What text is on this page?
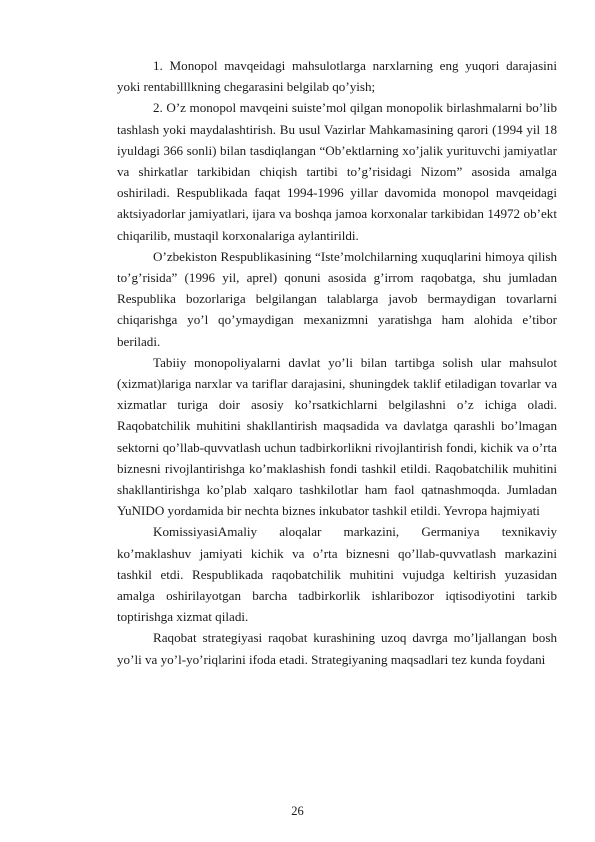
1. Monopol mavqeidagi mahsulotlarga narxlarning eng yuqori darajasini yoki rentabilllkning chegarasini belgilab qo’yish;

2. O’z monopol mavqeini suiste’mol qilgan monopolik birlashmalarni bo’lib tashlash yoki maydalashtirish. Bu usul Vazirlar Mahkamasining qarori (1994 yil 18 iyuldagi 366 sonli) bilan tasdiqlangan “Ob’ektlarning xo’jalik yurituvchi jamiyatlar va shirkatlar tarkibidan chiqish tartibi to’g’risidagi Nizom” asosida amalga oshiriladi. Respublikada faqat 1994-1996 yillar davomida monopol mavqeidagi aktsiyadorlar jamiyatlari, ijara va boshqa jamoa korxonalar tarkibidan 14972 ob’ekt chiqarilib, mustaqil korxonalariga aylantirildi.

O’zbekiston Respublikasining “Iste’molchilarning xuquqlarini himoya qilish to’g’risida” (1996 yil, aprel) qonuni asosida g’irrom raqobatga, shu jumladan Respublika bozorlariga belgilangan talablarga javob bermaydigan tovarlarni chiqarishga yo’l qo’ymaydigan mexanizmni yaratishga ham alohida e’tibor beriladi.

Tabiiy monopoliyalarni davlat yo’li bilan tartibga solish ular mahsulot (xizmat)lariga narxlar va tariflar darajasini, shuningdek taklif etiladigan tovarlar va xizmatlar turiga doir asosiy ko’rsatkichlarni belgilashni o’z ichiga oladi. Raqobatchilik muhitini shakllantirish maqsadida va davlatga qarashli bo’lmagan sektorni qo’llab-quvvatlash uchun tadbirkorlikni rivojlantirish fondi, kichik va o’rta biznesni rivojlantirishga ko’maklashish fondi tashkil etildi. Raqobatchilik muhitini shakllantirishga ko’plab xalqaro tashkilotlar ham faol qatnashmoqda. Jumladan YuNIDO yordamida bir nechta biznes inkubator tashkil etildi. Yevropa hajmiyati

KomissiyasiAmaliy aloqalar markazini, Germaniya texnikaviy ko’maklashuv jamiyati kichik va o’rta biznesni qo’llab-quvvatlash markazini tashkil etdi. Respublikada raqobatchilik muhitini vujudga keltirish yuzasidan amalga oshirilayotgan barcha tadbirkorlik ishlaribozor iqtisodiyotini tarkib toptirishga xizmat qiladi.

Raqobat strategiyasi raqobat kurashining uzoq davrga mo’ljallangan bosh yo’li va yo’l-yo’riqlarini ifoda etadi. Strategiyaning maqsadlari tez kunda foydani

26
